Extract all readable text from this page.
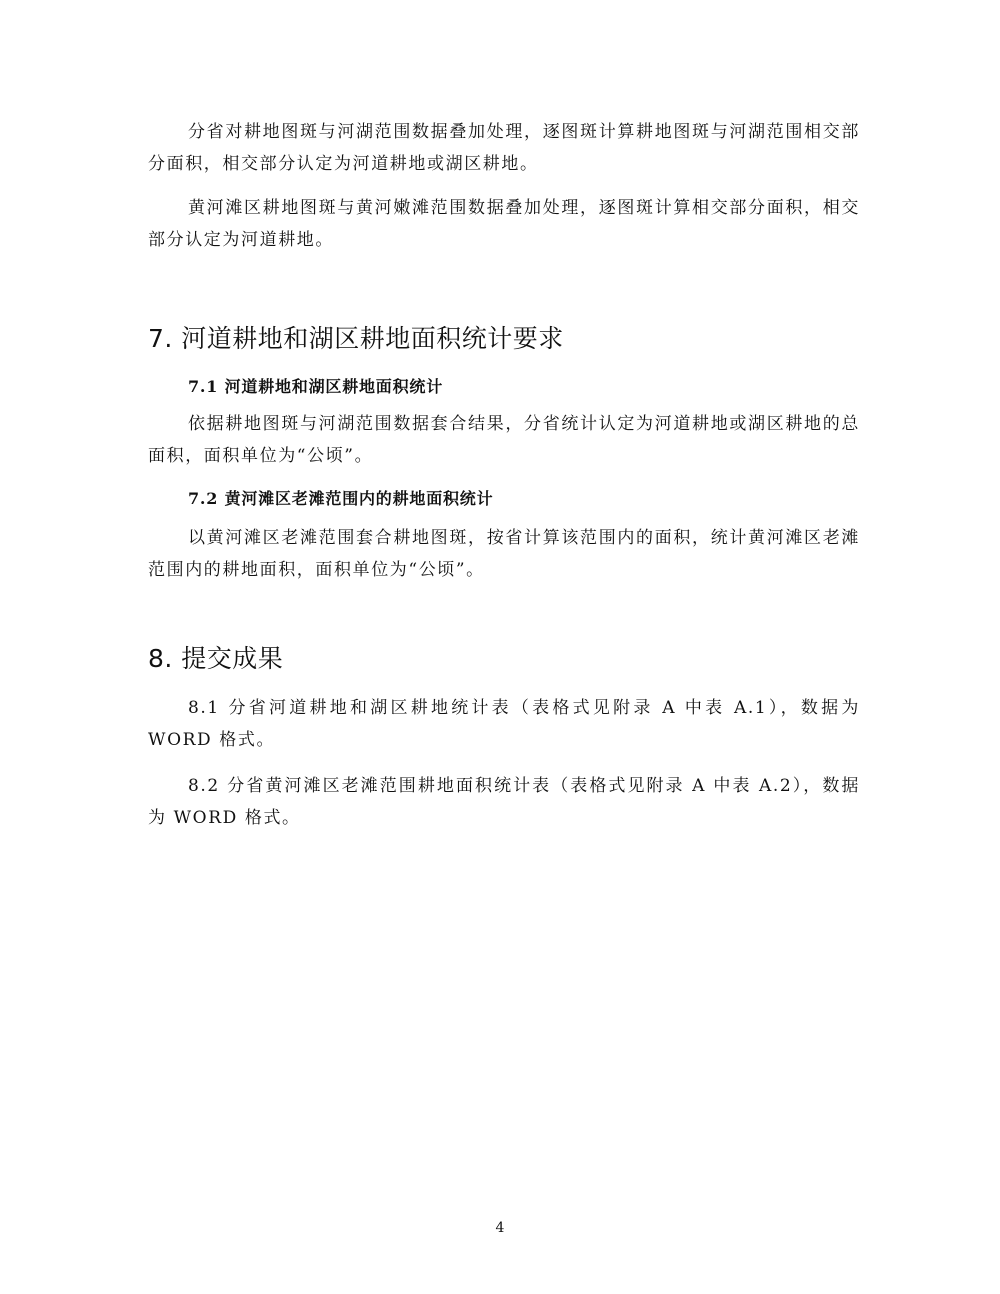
分省对耕地图斑与河湖范围数据叠加处理，逐图斑计算耕地图斑与河湖范围相交部分面积，相交部分认定为河道耕地或湖区耕地。

黄河滩区耕地图斑与黄河嫩滩范围数据叠加处理，逐图斑计算相交部分面积，相交部分认定为河道耕地。

7. 河道耕地和湖区耕地面积统计要求
7.1 河道耕地和湖区耕地面积统计

依据耕地图斑与河湖范围数据套合结果，分省统计认定为河道耕地或湖区耕地的总面积，面积单位为“公顷”。

7.2 黄河滩区老滩范围内的耕地面积统计

以黄河滩区老滩范围套合耕地图斑，按省计算该范围内的面积，统计黄河滩区老滩范围内的耕地面积，面积单位为“公顷”。

8. 提交成果

8.1 分省河道耕地和湖区耕地统计表（表格式见附录 A 中表 A.1），数据为 WORD 格式。

8.2 分省黄河滩区老滩范围耕地面积统计表（表格式见附录 A 中表 A.2），数据为 WORD 格式。

4
